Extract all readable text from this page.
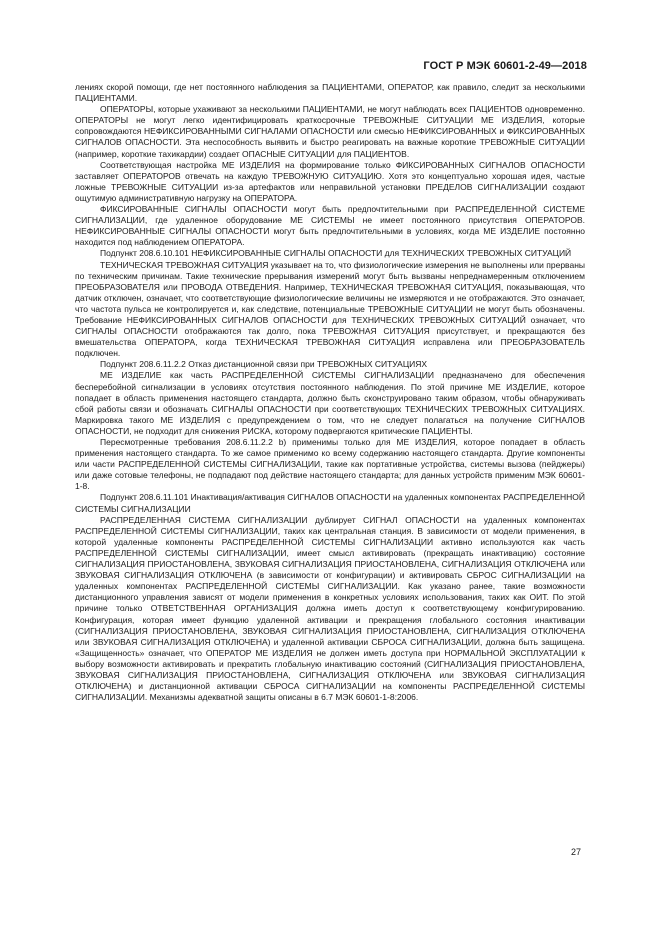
ГОСТ Р МЭК 60601-2-49—2018

лениях скорой помощи, где нет постоянного наблюдения за ПАЦИЕНТАМИ, ОПЕРАТОР, как правило, следит за несколькими ПАЦИЕНТАМИ.

ОПЕРАТОРЫ, которые ухаживают за несколькими ПАЦИЕНТАМИ, не могут наблюдать всех ПАЦИЕНТОВ одновременно. ОПЕРАТОРЫ не могут легко идентифицировать краткосрочные ТРЕВОЖНЫЕ СИТУАЦИИ МЕ ИЗДЕЛИЯ, которые сопровождаются НЕФИКСИРОВАННЫМИ СИГНАЛАМИ ОПАСНОСТИ или смесью НЕФИКСИРОВАННЫХ и ФИКСИРОВАННЫХ СИГНАЛОВ ОПАСНОСТИ. Эта неспособность выявить и быстро реагировать на важные короткие ТРЕВОЖНЫЕ СИТУАЦИИ (например, короткие тахикардии) создает ОПАСНЫЕ СИТУАЦИИ для ПАЦИЕНТОВ.

Соответствующая настройка МЕ ИЗДЕЛИЯ на формирование только ФИКСИРОВАННЫХ СИГНАЛОВ ОПАСНОСТИ заставляет ОПЕРАТОРОВ отвечать на каждую ТРЕВОЖНУЮ СИТУАЦИЮ. Хотя это концептуально хорошая идея, частые ложные ТРЕВОЖНЫЕ СИТУАЦИИ из-за артефактов или неправильной установки ПРЕДЕЛОВ СИГНАЛИЗАЦИИ создают ощутимую административную нагрузку на ОПЕРАТОРА.

ФИКСИРОВАННЫЕ СИГНАЛЫ ОПАСНОСТИ могут быть предпочтительными при РАСПРЕДЕЛЕННОЙ СИСТЕМЕ СИГНАЛИЗАЦИИ, где удаленное оборудование МЕ СИСТЕМЫ не имеет постоянного присутствия ОПЕРАТОРОВ. НЕФИКСИРОВАННЫЕ СИГНАЛЫ ОПАСНОСТИ могут быть предпочтительными в условиях, когда МЕ ИЗДЕЛИЕ постоянно находится под наблюдением ОПЕРАТОРА.

Подпункт 208.6.10.101 НЕФИКСИРОВАННЫЕ СИГНАЛЫ ОПАСНОСТИ для ТЕХНИЧЕСКИХ ТРЕВОЖНЫХ СИТУАЦИЙ

ТЕХНИЧЕСКАЯ ТРЕВОЖНАЯ СИТУАЦИЯ указывает на то, что физиологические измерения не выполнены или прерваны по техническим причинам. Такие технические прерывания измерений могут быть вызваны непреднамеренным отключением ПРЕОБРАЗОВАТЕЛЯ или ПРОВОДА ОТВЕДЕНИЯ. Например, ТЕХНИЧЕСКАЯ ТРЕВОЖНАЯ СИТУАЦИЯ, показывающая, что датчик отключен, означает, что соответствующие физиологические величины не измеряются и не отображаются. Это означает, что частота пульса не контролируется и, как следствие, потенциальные ТРЕВОЖНЫЕ СИТУАЦИИ не могут быть обозначены. Требование НЕФИКСИРОВАННЫХ СИГНАЛОВ ОПАСНОСТИ для ТЕХНИЧЕСКИХ ТРЕВОЖНЫХ СИТУАЦИЙ означает, что СИГНАЛЫ ОПАСНОСТИ отображаются так долго, пока ТРЕВОЖНАЯ СИТУАЦИЯ присутствует, и прекращаются без вмешательства ОПЕРАТОРА, когда ТЕХНИЧЕСКАЯ ТРЕВОЖНАЯ СИТУАЦИЯ исправлена или ПРЕОБРАЗОВАТЕЛЬ подключен.

Подпункт 208.6.11.2.2 Отказ дистанционной связи при ТРЕВОЖНЫХ СИТУАЦИЯХ

МЕ ИЗДЕЛИЕ как часть РАСПРЕДЕЛЕННОЙ СИСТЕМЫ СИГНАЛИЗАЦИИ предназначено для обеспечения бесперебойной сигнализации в условиях отсутствия постоянного наблюдения. По этой причине МЕ ИЗДЕЛИЕ, которое попадает в область применения настоящего стандарта, должно быть сконструировано таким образом, чтобы обнаруживать сбой работы связи и обозначать СИГНАЛЫ ОПАСНОСТИ при соответствующих ТЕХНИЧЕСКИХ ТРЕВОЖНЫХ СИТУАЦИЯХ. Маркировка такого МЕ ИЗДЕЛИЯ с предупреждением о том, что не следует полагаться на получение СИГНАЛОВ ОПАСНОСТИ, не подходит для снижения РИСКА, которому подвергаются критические ПАЦИЕНТЫ.

Пересмотренные требования 208.6.11.2.2 b) применимы только для МЕ ИЗДЕЛИЯ, которое попадает в область применения настоящего стандарта. То же самое применимо ко всему содержанию настоящего стандарта. Другие компоненты или части РАСПРЕДЕЛЕННОЙ СИСТЕМЫ СИГНАЛИЗАЦИИ, такие как портативные устройства, системы вызова (пейджеры) или даже сотовые телефоны, не подпадают под действие настоящего стандарта; для данных устройств применим МЭК 60601-1-8.

Подпункт 208.6.11.101 Инактивация/активация СИГНАЛОВ ОПАСНОСТИ на удаленных компонентах РАСПРЕДЕЛЕННОЙ СИСТЕМЫ СИГНАЛИЗАЦИИ

РАСПРЕДЕЛЕННАЯ СИСТЕМА СИГНАЛИЗАЦИИ дублирует СИГНАЛ ОПАСНОСТИ на удаленных компонентах РАСПРЕДЕЛЕННОЙ СИСТЕМЫ СИГНАЛИЗАЦИИ, таких как центральная станция. В зависимости от модели применения, в которой удаленные компоненты РАСПРЕДЕЛЕННОЙ СИСТЕМЫ СИГНАЛИЗАЦИИ активно используются как часть РАСПРЕДЕЛЕННОЙ СИСТЕМЫ СИГНАЛИЗАЦИИ, имеет смысл активировать (прекращать инактивацию) состояние СИГНАЛИЗАЦИЯ ПРИОСТАНОВЛЕНА, ЗВУКОВАЯ СИГНАЛИЗАЦИЯ ПРИОСТАНОВЛЕНА, СИГНАЛИЗАЦИЯ ОТКЛЮЧЕНА или ЗВУКОВАЯ СИГНАЛИЗАЦИЯ ОТКЛЮЧЕНА (в зависимости от конфигурации) и активировать СБРОС СИГНАЛИЗАЦИИ на удаленных компонентах РАСПРЕДЕЛЕННОЙ СИСТЕМЫ СИГНАЛИЗАЦИИ. Как указано ранее, такие возможности дистанционного управления зависят от модели применения в конкретных условиях использования, таких как ОИТ. По этой причине только ОТВЕТСТВЕННАЯ ОРГАНИЗАЦИЯ должна иметь доступ к соответствующему конфигурированию. Конфигурация, которая имеет функцию удаленной активации и прекращения глобального состояния инактивации (СИГНАЛИЗАЦИЯ ПРИОСТАНОВЛЕНА, ЗВУКОВАЯ СИГНАЛИЗАЦИЯ ПРИОСТАНОВЛЕНА, СИГНАЛИЗАЦИЯ ОТКЛЮЧЕНА или ЗВУКОВАЯ СИГНАЛИЗАЦИЯ ОТКЛЮЧЕНА) и удаленной активации СБРОСА СИГНАЛИЗАЦИИ, должна быть защищена. «Защищенность» означает, что ОПЕРАТОР МЕ ИЗДЕЛИЯ не должен иметь доступа при НОРМАЛЬНОЙ ЭКСПЛУАТАЦИИ к выбору возможности активировать и прекратить глобальную инактивацию состояний (СИГНАЛИЗАЦИЯ ПРИОСТАНОВЛЕНА, ЗВУКОВАЯ СИГНАЛИЗАЦИЯ ПРИОСТАНОВЛЕНА, СИГНАЛИЗАЦИЯ ОТКЛЮЧЕНА или ЗВУКОВАЯ СИГНАЛИЗАЦИЯ ОТКЛЮЧЕНА) и дистанционной активации СБРОСА СИГНАЛИЗАЦИИ на компоненты РАСПРЕДЕЛЕННОЙ СИСТЕМЫ СИГНАЛИЗАЦИИ. Механизмы адекватной защиты описаны в 6.7 МЭК 60601-1-8:2006.

27
